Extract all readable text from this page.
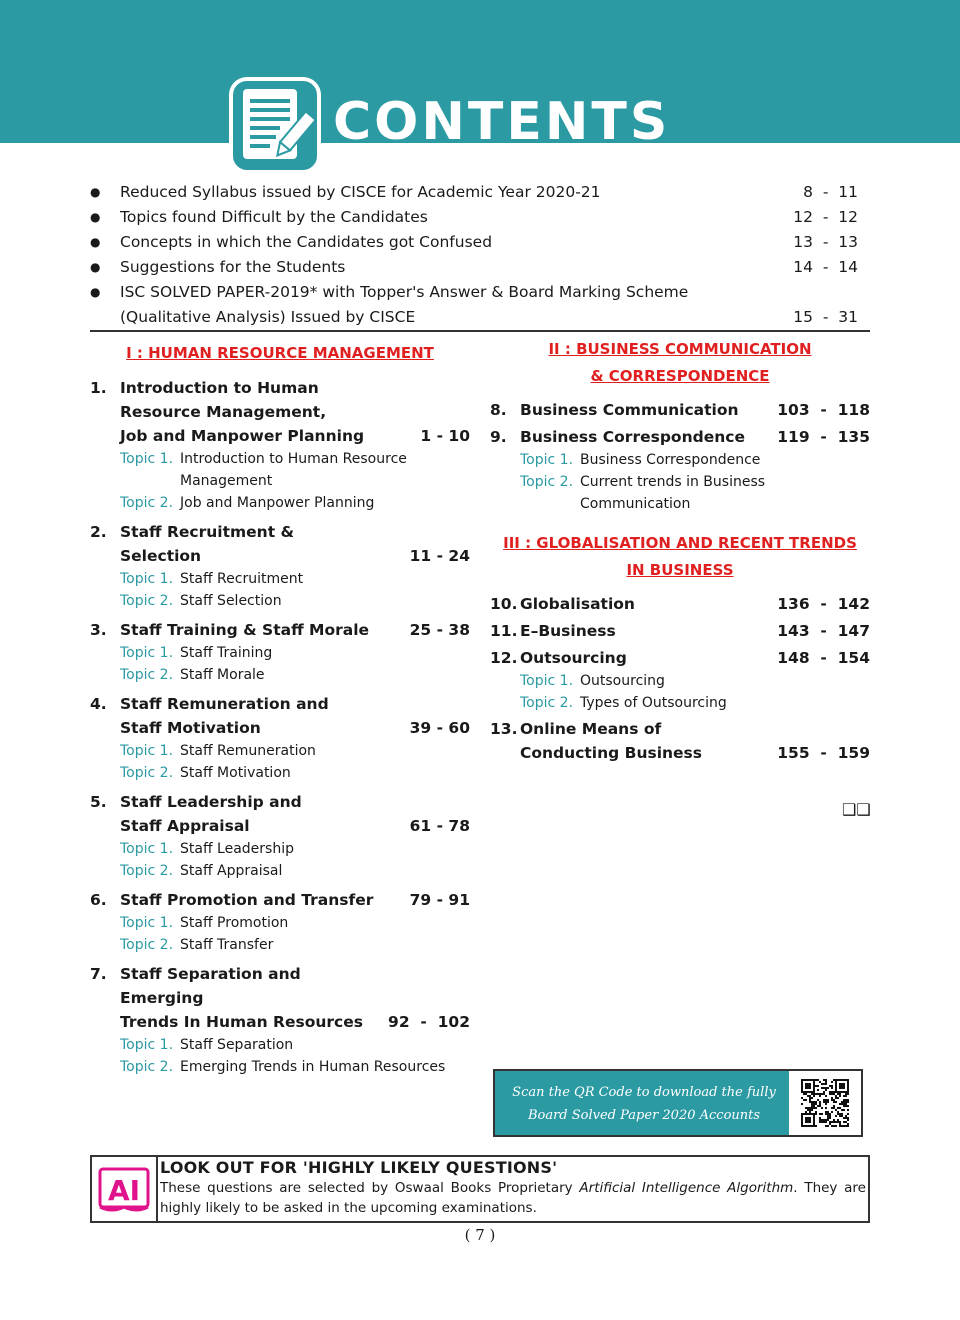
CONTENTS
● Reduced Syllabus issued by CISCE for Academic Year 2020-21	8  -  11
● Topics found Difficult by the Candidates	12  -  12
● Concepts in which the Candidates got Confused	13  -  13
● Suggestions for the Students	14  -  14
● ISC SOLVED PAPER-2019* with Topper's Answer & Board Marking Scheme (Qualitative Analysis) Issued by CISCE	15  -  31
I : HUMAN RESOURCE MANAGEMENT	II : BUSINESS COMMUNICATION
& CORRESPONDENCE
III : GLOBALISATION AND RECENT TRENDS
IN BUSINESS
1. Introduction to Human
Resource Management,
Job and Manpower Planning	1 - 10
Topic 1. Introduction to Human Resource Management
Topic 2. Job and Manpower Planning
2. Staff Recruitment & Selection	11 - 24
Topic 1. Staff Recruitment
Topic 2. Staff Selection
3. Staff Training & Staff Morale	25 - 38
Topic 1. Staff Training
Topic 2. Staff Morale
4. Staff Remuneration and
Staff Motivation	39 - 60
Topic 1. Staff Remuneration
Topic 2. Staff Motivation
5. Staff Leadership and
Staff Appraisal	61 - 78
Topic 1. Staff Leadership
Topic 2. Staff Appraisal
6. Staff Promotion and Transfer	79 - 91
Topic 1. Staff Promotion
Topic 2. Staff Transfer
7. Staff Separation and Emerging
Trends In Human Resources	92  -  102
Topic 1. Staff Separation
Topic 2. Emerging Trends in Human Resources
8. Business Communication	103  -  118
9. Business Correspondence	119  -  135
Topic 1. Business Correspondence
Topic 2. Current trends in Business Communication
10. Globalisation	136  -  142
11. E–Business	143  -  147
12. Outsourcing	148  -  154
Topic 1. Outsourcing
Topic 2. Types of Outsourcing
13. Online Means of
Conducting Business	155  -  159
❑❑
Scan the QR Code to download the fully Board Solved Paper 2020 Accounts
AI
LOOK OUT FOR 'HIGHLY LIKELY QUESTIONS'
These questions are selected by Oswaal Books Proprietary Artificial Intelligence Algorithm. They are highly likely to be asked in the upcoming examinations.
( 7 )
